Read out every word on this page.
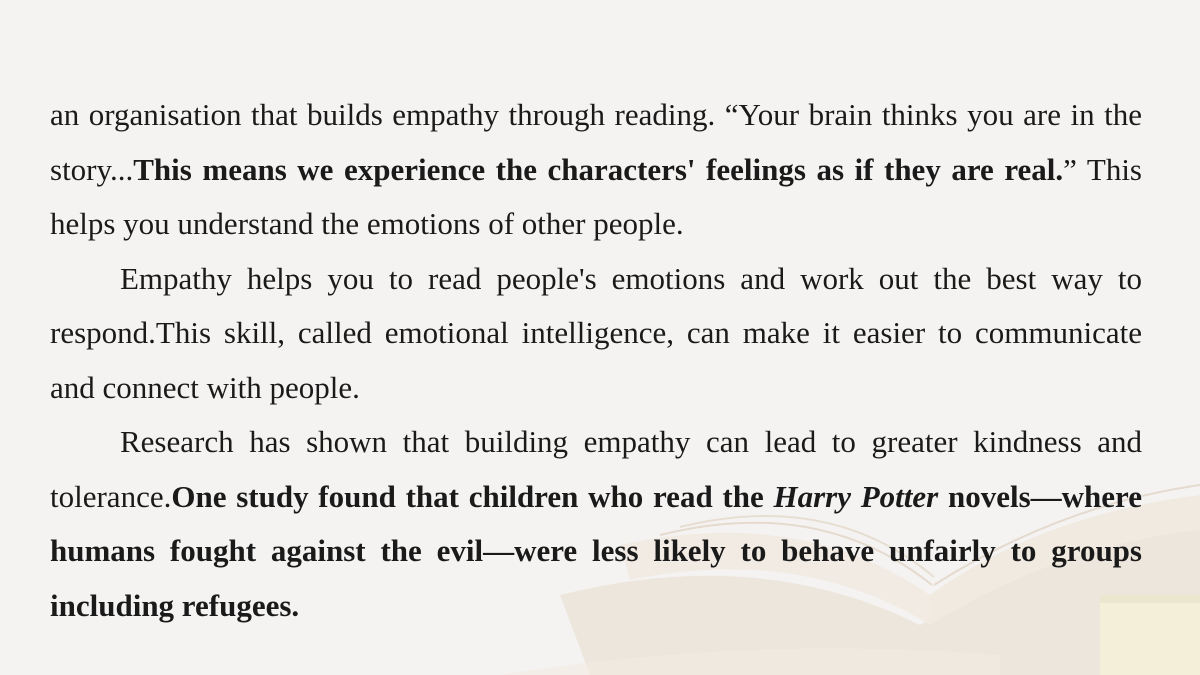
an organisation that builds empathy through reading. “Your brain thinks you are in the story...This means we experience the characters' feelings as if they are real.” This helps you understand the emotions of other people.

Empathy helps you to read people's emotions and work out the best way to respond.This skill, called emotional intelligence, can make it easier to communicate and connect with people.

Research has shown that building empathy can lead to greater kindness and tolerance.One study found that children who read the Harry Potter novels—where humans fought against the evil—were less likely to behave unfairly to groups including refugees.
